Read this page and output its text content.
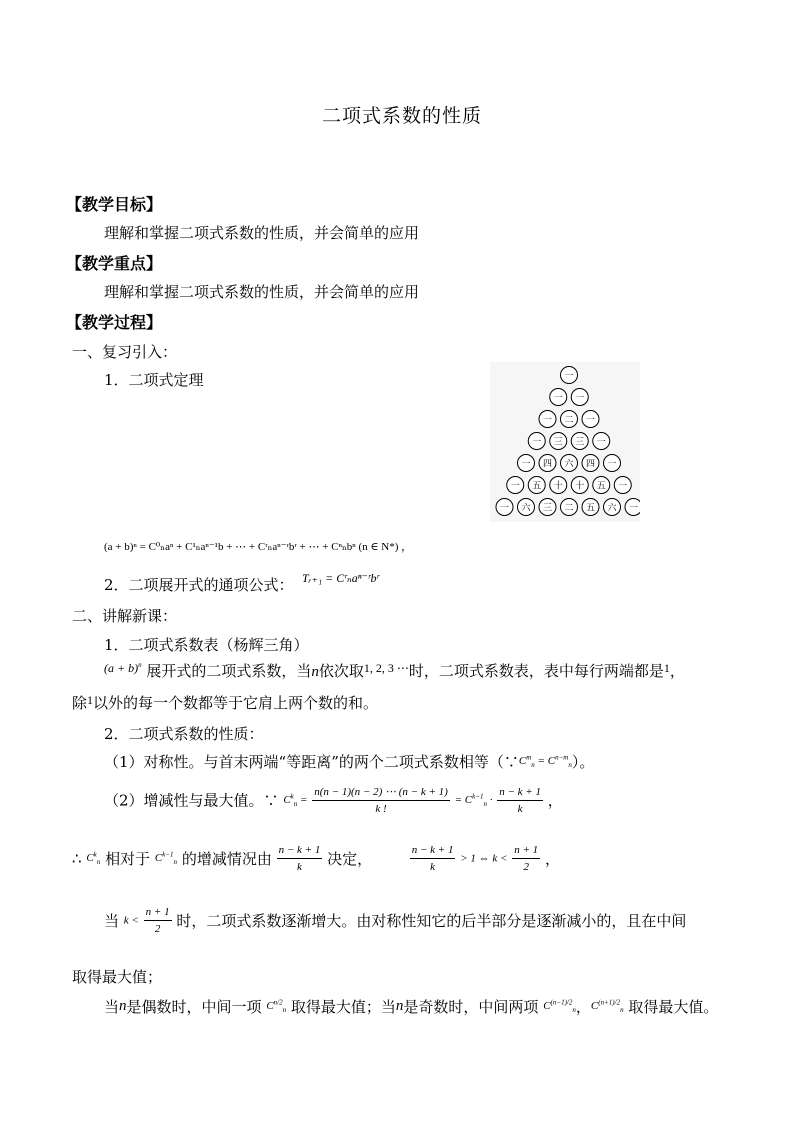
二项式系数的性质
【教学目标】
理解和掌握二项式系数的性质，并会简单的应用
【教学重点】
理解和掌握二项式系数的性质，并会简单的应用
【教学过程】
一、复习引入：
1．二项式定理	一
一 一
一 二 一
一 三 三 一
一 四 六 四 一
一 五 十 十 五 一
一 六 三 二 五 六 一
(a + b)ⁿ = C⁰ₙaⁿ + C¹ₙaⁿ⁻¹b + ⋯ + Cʳₙaⁿ⁻ʳbʳ + ⋯ + Cⁿₙbⁿ (n ∈ N*) ，
2．二项展开式的通项公式： Tᵣ₊₁ = Cʳₙaⁿ⁻ʳbʳ
二、讲解新课：
1．二项式系数表（杨辉三角）
$^{(a + b)^n}$ 展开式的二项式系数，当n依次取$^{1, 2, 3 \cdots}$时，二项式系数表，表中每行两端都是$^1$，
除$^1$以外的每一个数都等于它肩上两个数的和。
2．二项式系数的性质：
（1）对称性。与首末两端“等距离”的两个二项式系数相等（∵$^{C^m_n = C^{n-m}_n}$）。
（2）增减性与最大值。∵ $C^k_n = \frac{n(n - 1)(n - 2) \cdots (n - k + 1)}{k !} = C^{k-1}_n \cdot \frac{n - k + 1}{k}$ ，
∴ $C^k_n$ 相对于 $C^{k-1}_n$ 的增减情况由 $\frac{n - k + 1}{k}$ 决定，	$\frac{n - k + 1}{k} > 1$ ⇔ $k < \frac{n + 1}{2}$ ，
当 $k < \frac{n + 1}{2}$ 时，二项式系数逐渐增大。由对称性知它的后半部分是逐渐减小的，且在中间
取得最大值；
当n是偶数时，中间一项 $C^{n/2}_n$ 取得最大值；当n是奇数时，中间两项 $C^{(n-1)/2}_n$，$C^{(n+1)/2}_n$ 取得最大值。
